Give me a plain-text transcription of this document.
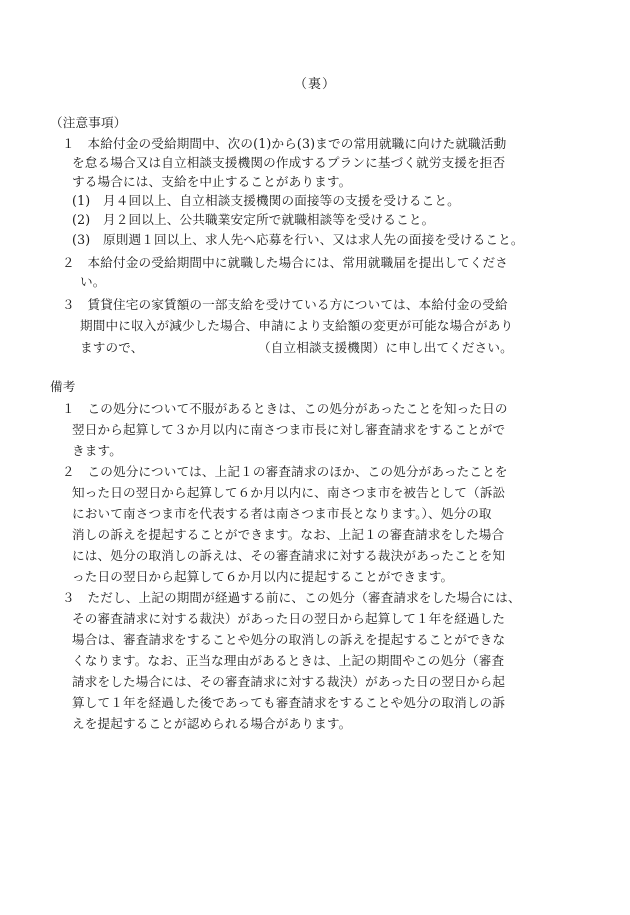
（裏）
（注意事項）
１　本給付金の受給期間中、次の(1)から(3)までの常用就職に向けた就職活動
を怠る場合又は自立相談支援機関の作成するプランに基づく就労支援を拒否
する場合には、支給を中止することがあります。
(1)　月４回以上、自立相談支援機関の面接等の支援を受けること。
(2)　月２回以上、公共職業安定所で就職相談等を受けること。
(3)　原則週１回以上、求人先へ応募を行い、又は求人先の面接を受けること。
２　本給付金の受給期間中に就職した場合には、常用就職届を提出してくださ
い。
３　賃貸住宅の家賃額の一部支給を受けている方については、本給付金の受給
期間中に収入が減少した場合、申請により支給額の変更が可能な場合があり
ますので、	（自立相談支援機関）に申し出てください。
備考
１　この処分について不服があるときは、この処分があったことを知った日の
翌日から起算して３か月以内に南さつま市長に対し審査請求をすることがで
きます。
２　この処分については、上記１の審査請求のほか、この処分があったことを
知った日の翌日から起算して６か月以内に、南さつま市を被告として（訴訟
において南さつま市を代表する者は南さつま市長となります。）、処分の取
消しの訴えを提起することができます。なお、上記１の審査請求をした場合
には、処分の取消しの訴えは、その審査請求に対する裁決があったことを知
った日の翌日から起算して６か月以内に提起することができます。
３　ただし、上記の期間が経過する前に、この処分（審査請求をした場合には、
その審査請求に対する裁決）があった日の翌日から起算して１年を経過した
場合は、審査請求をすることや処分の取消しの訴えを提起することができな
くなります。なお、正当な理由があるときは、上記の期間やこの処分（審査
請求をした場合には、その審査請求に対する裁決）があった日の翌日から起
算して１年を経過した後であっても審査請求をすることや処分の取消しの訴
えを提起することが認められる場合があります。
